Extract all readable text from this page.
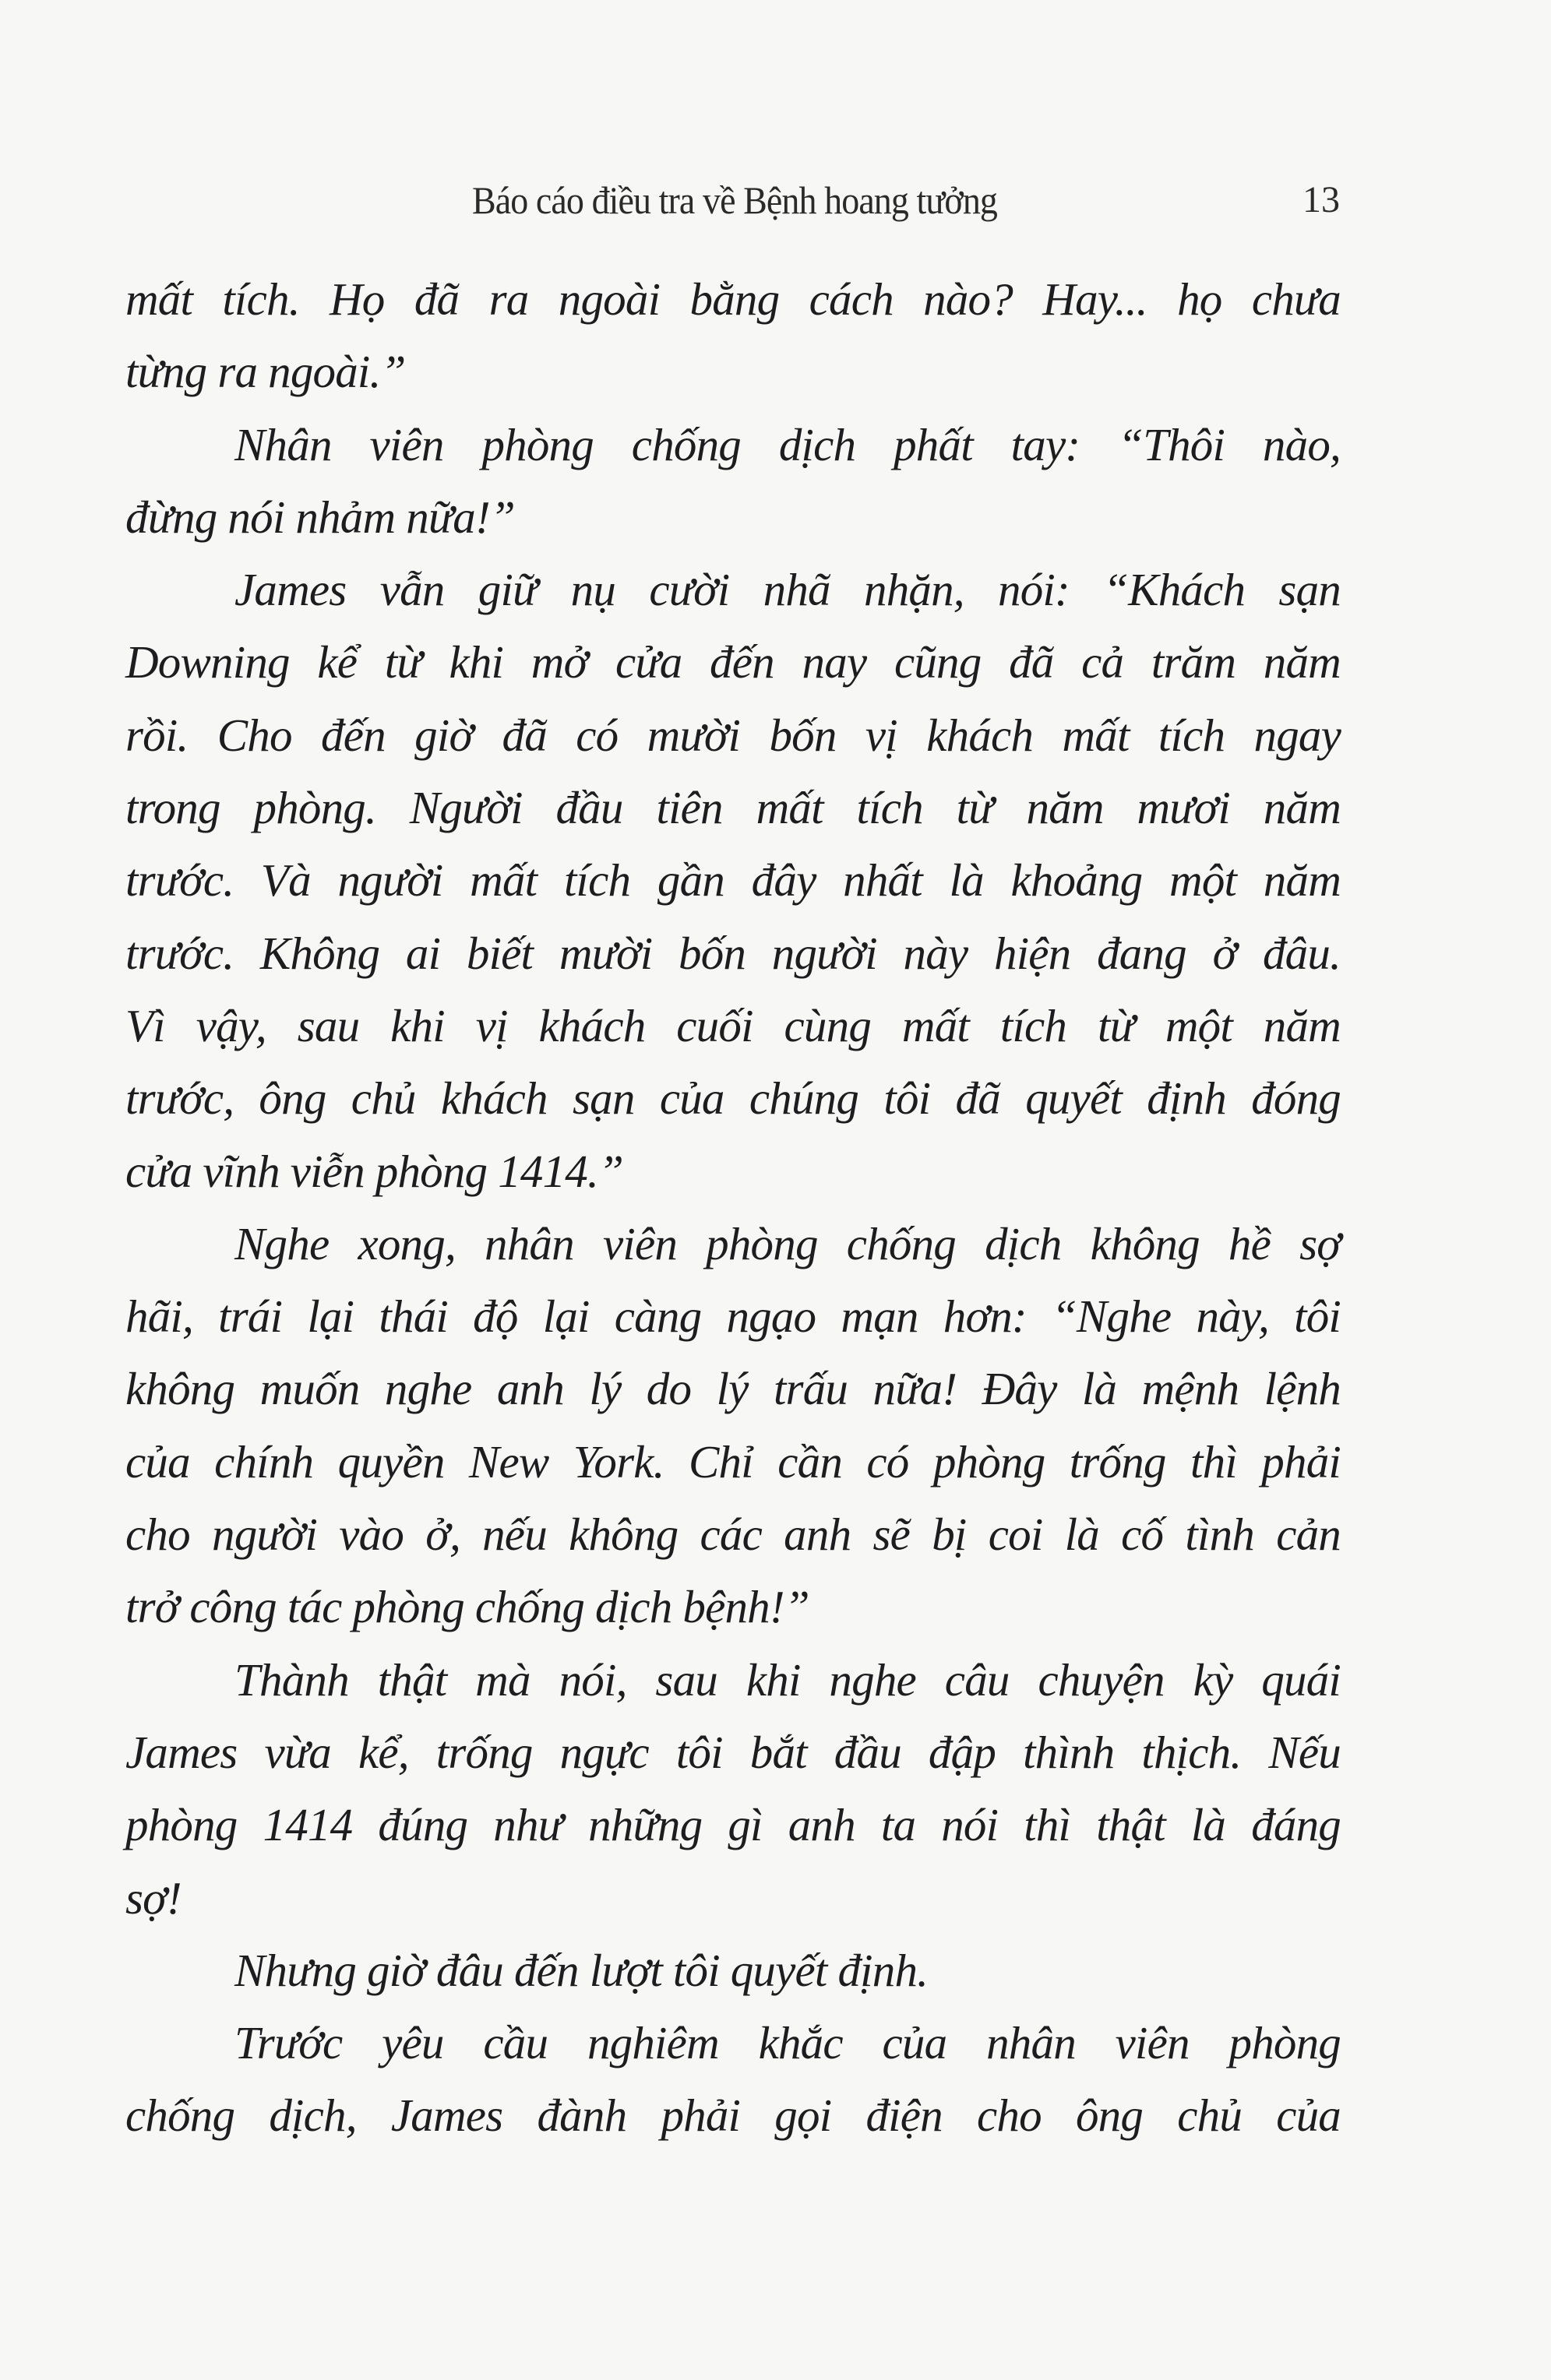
Báo cáo điều tra về Bệnh hoang tưởng	13
mất tích. Họ đã ra ngoài bằng cách nào? Hay... họ chưa
từng ra ngoài.”
Nhân viên phòng chống dịch phất tay: “Thôi nào,
đừng nói nhảm nữa!”
James vẫn giữ nụ cười nhã nhặn, nói: “Khách sạn
Downing kể từ khi mở cửa đến nay cũng đã cả trăm năm
rồi. Cho đến giờ đã có mười bốn vị khách mất tích ngay
trong phòng. Người đầu tiên mất tích từ năm mươi năm
trước. Và người mất tích gần đây nhất là khoảng một năm
trước. Không ai biết mười bốn người này hiện đang ở đâu.
Vì vậy, sau khi vị khách cuối cùng mất tích từ một năm
trước, ông chủ khách sạn của chúng tôi đã quyết định đóng
cửa vĩnh viễn phòng 1414.”
Nghe xong, nhân viên phòng chống dịch không hề sợ
hãi, trái lại thái độ lại càng ngạo mạn hơn: “Nghe này, tôi
không muốn nghe anh lý do lý trấu nữa! Đây là mệnh lệnh
của chính quyền New York. Chỉ cần có phòng trống thì phải
cho người vào ở, nếu không các anh sẽ bị coi là cố tình cản
trở công tác phòng chống dịch bệnh!”
Thành thật mà nói, sau khi nghe câu chuyện kỳ quái
James vừa kể, trống ngực tôi bắt đầu đập thình thịch. Nếu
phòng 1414 đúng như những gì anh ta nói thì thật là đáng
sợ!
Nhưng giờ đâu đến lượt tôi quyết định.
Trước yêu cầu nghiêm khắc của nhân viên phòng
chống dịch, James đành phải gọi điện cho ông chủ của
